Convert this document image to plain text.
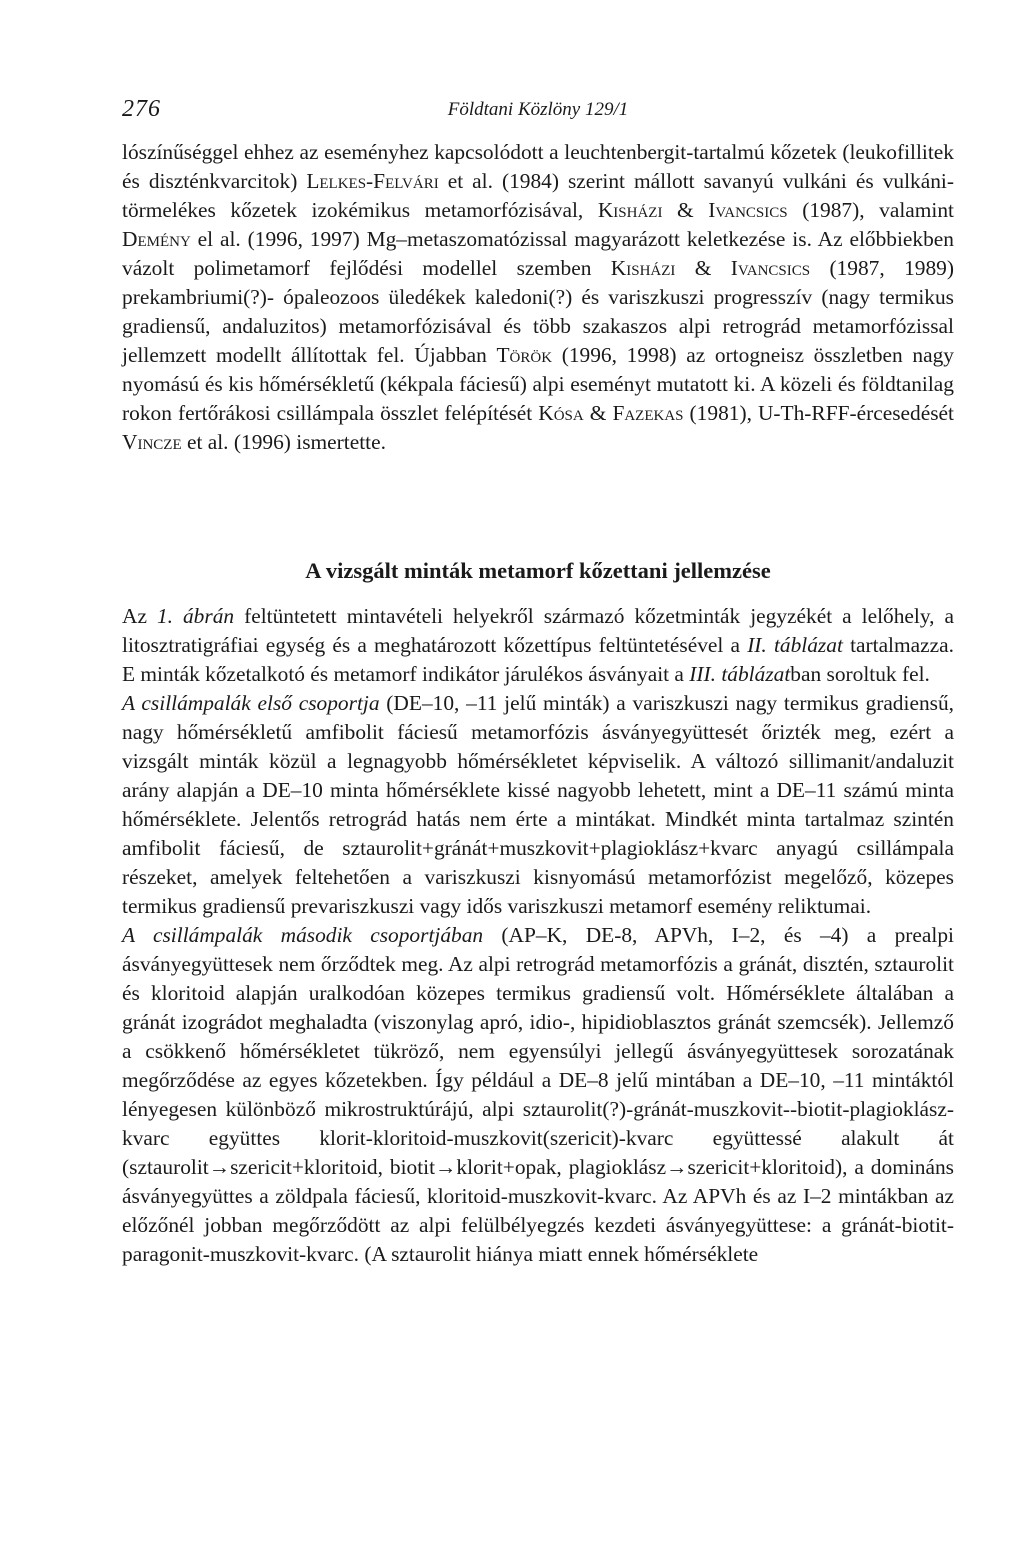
276	Földtani Közlöny 129/1

lószínűséggel ehhez az eseményhez kapcsolódott a leuchtenbergit-tartalmú kőzetek (leukofillitek és diszténkvarcitok) Lelkes-Felvári et al. (1984) szerint mállott savanyú vulkáni és vulkáni-törmelékes kőzetek izokémikus metamorfózisával, Kisházi & Ivancsics (1987), valamint Demény el al. (1996, 1997) Mg–metaszomatózissal magyarázott keletkezése is. Az előbbiekben vázolt polimetamorf fejlődési modellel szemben Kisházi & Ivancsics (1987, 1989) prekambriumi(?)- ópaleozoos üledékek kaledoni(?) és variszkuszi progresszív (nagy termikus gradiensű, andaluzitos) metamorfózisával és több szakaszos alpi retrográd metamorfózissal jellemzett modellt állítottak fel. Újabban Török (1996, 1998) az ortogneisz összletben nagy nyomású és kis hőmérsékletű (kékpala fáciesű) alpi eseményt mutatott ki. A közeli és földtanilag rokon fertőrákosi csillámpala összlet felépítését Kósa & Fazekas (1981), U-Th-RFF-ércesedését Vincze et al. (1996) ismertette.

A vizsgált minták metamorf kőzettani jellemzése

Az 1. ábrán feltüntetett mintavételi helyekről származó kőzetminták jegyzékét a lelőhely, a litosztratigráfiai egység és a meghatározott kőzettípus feltüntetésével a II. táblázat tartalmazza. E minták kőzetalkotó és metamorf indikátor járulékos ásványait a III. táblázatban soroltuk fel.

A csillámpalák első csoportja (DE–10, –11 jelű minták) a variszkuszi nagy termikus gradiensű, nagy hőmérsékletű amfibolit fáciesű metamorfózis ásványegyüttesét őrizték meg, ezért a vizsgált minták közül a legnagyobb hőmérsékletet képviselik. A változó sillimanit/andaluzit arány alapján a DE–10 minta hőmérséklete kissé nagyobb lehetett, mint a DE–11 számú minta hőmérséklete. Jelentős retrográd hatás nem érte a mintákat. Mindkét minta tartalmaz szintén amfibolit fáciesű, de sztaurolit+gránát+muszkovit+plagioklász+kvarc anyagú csillámpala részeket, amelyek feltehetően a variszkuszi kisnyomású metamorfózist megelőző, közepes termikus gradiensű prevariszkuszi vagy idős variszkuszi metamorf esemény reliktumai.

A csillámpalák második csoportjában (AP–K, DE-8, APVh, I–2, és –4) a prealpi ásványegyüttesek nem őrződtek meg. Az alpi retrográd metamorfózis a gránát, disztén, sztaurolit és kloritoid alapján uralkodóan közepes termikus gradiensű volt. Hőmérséklete általában a gránát izográdot meghaladta (viszonylag apró, idio-, hipidioblasztos gránát szemcsék). Jellemző a csökkenő hőmérsékletet tükröző, nem egyensúlyi jellegű ásványegyüttesek sorozatának megőrződése az egyes kőzetekben. Így például a DE–8 jelű mintában a DE–10, –11 mintáktól lényegesen különböző mikrostruktúrájú, alpi sztaurolit(?)-gránát-muszkovit--biotit-plagioklász-kvarc együttes klorit-kloritoid-muszkovit(szericit)-kvarc együttessé alakult át (sztaurolit→szericit+kloritoid, biotit→klorit+opak, plagioklász→szericit+kloritoid), a domináns ásványegyüttes a zöldpala fáciesű, kloritoid-muszkovit-kvarc. Az APVh és az I–2 mintákban az előzőnél jobban megőrződött az alpi felülbélyegzés kezdeti ásványegyüttese: a gránát-biotit-paragonit-muszkovit-kvarc. (A sztaurolit hiánya miatt ennek hőmérséklete
